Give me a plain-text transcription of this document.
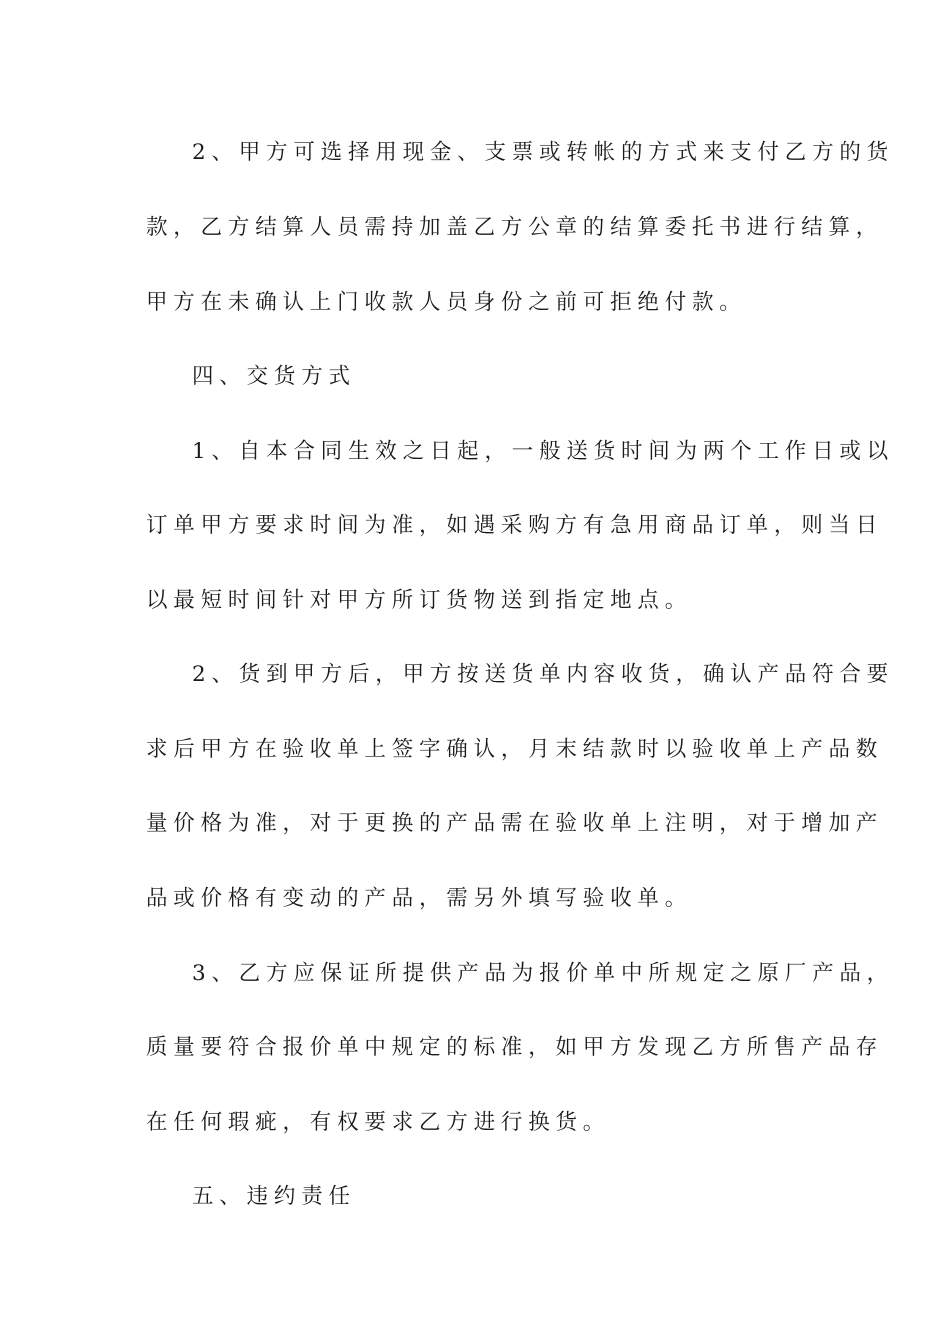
2、甲方可选择用现金、支票或转帐的方式来支付乙方的货
款，乙方结算人员需持加盖乙方公章的结算委托书进行结算，
甲方在未确认上门收款人员身份之前可拒绝付款。
四、交货方式
1、自本合同生效之日起，一般送货时间为两个工作日或以
订单甲方要求时间为准，如遇采购方有急用商品订单，则当日
以最短时间针对甲方所订货物送到指定地点。
2、货到甲方后，甲方按送货单内容收货，确认产品符合要
求后甲方在验收单上签字确认，月末结款时以验收单上产品数
量价格为准，对于更换的产品需在验收单上注明，对于增加产
品或价格有变动的产品，需另外填写验收单。
3、乙方应保证所提供产品为报价单中所规定之原厂产品，
质量要符合报价单中规定的标准，如甲方发现乙方所售产品存
在任何瑕疵，有权要求乙方进行换货。
五、违约责任
